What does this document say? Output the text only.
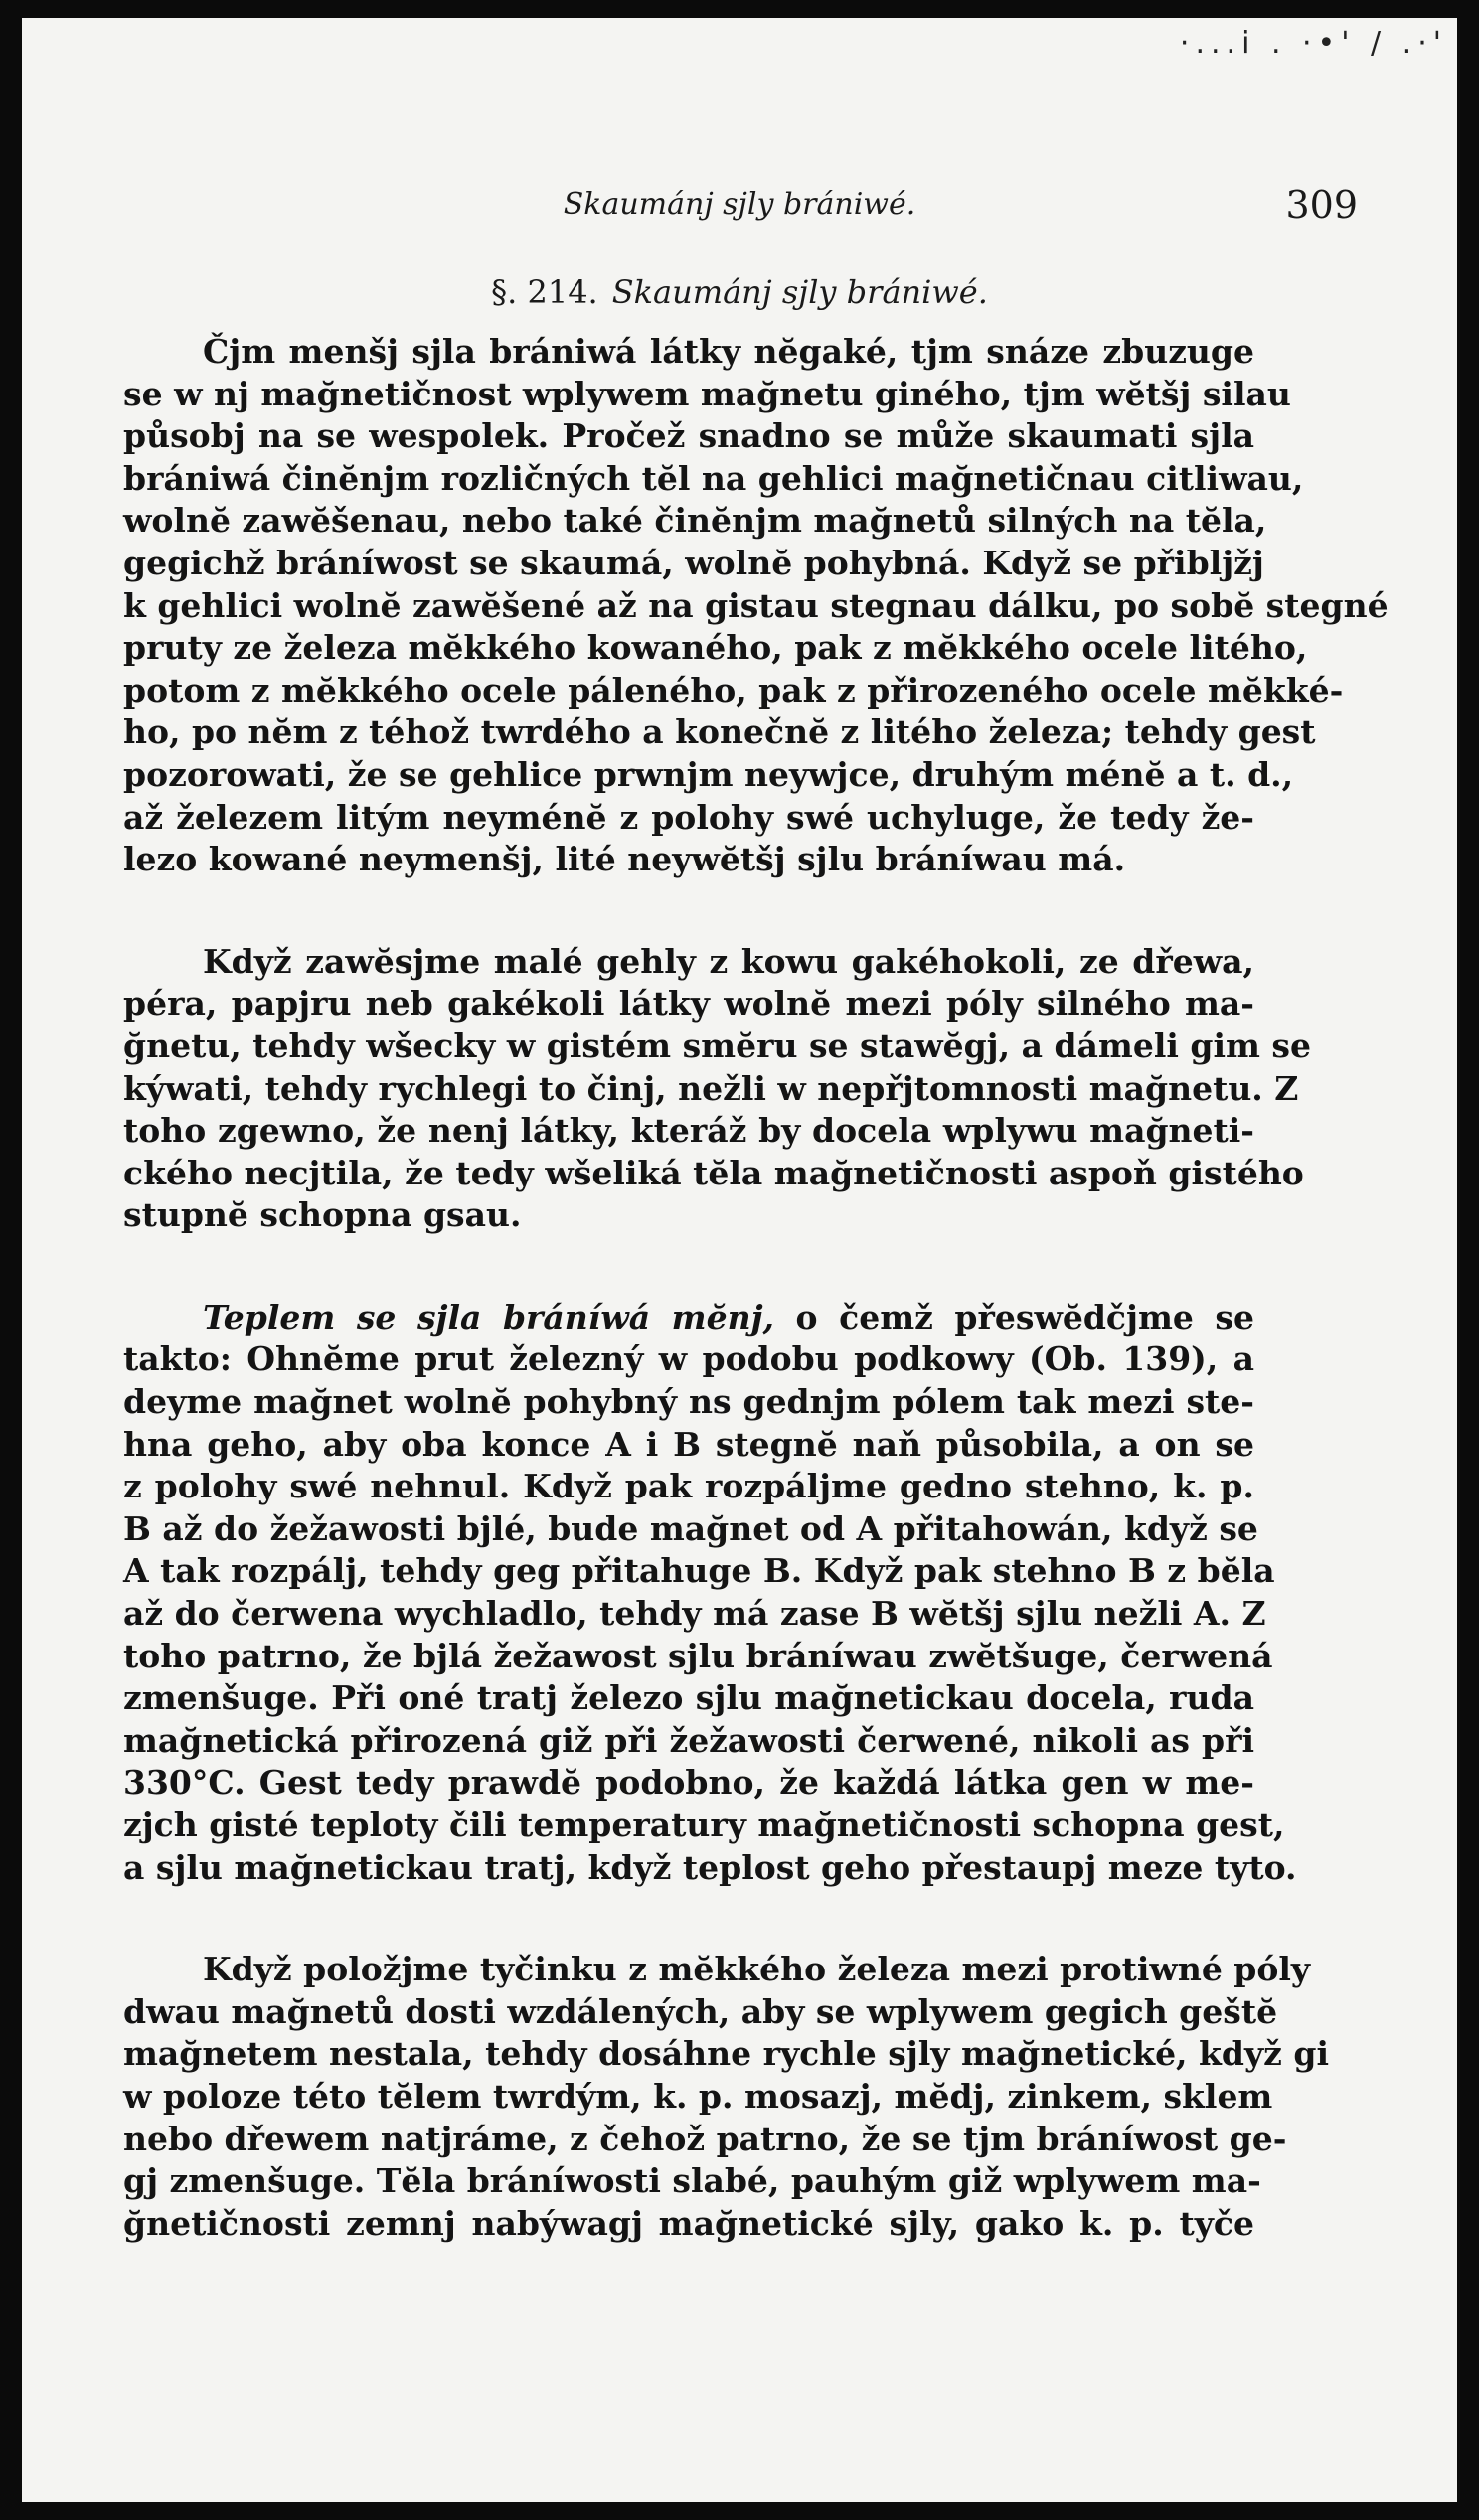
·...i . ·•' / .·'
Skaumánj sjly brániwé.	309
§. 214. Skaumánj sjly brániwé.
Čjm menšj sjla brániwá látky nĕgaké, tjm snáze zbuzuge
se w nj mağnetičnost wplywem mağnetu giného, tjm wĕtšj silau
působj na se wespolek. Pročež snadno se může skaumati sjla
brániwá činĕnjm rozličných tĕl na gehlici mağnetičnau citliwau,
wolnĕ zawĕšenau, nebo také činĕnjm mağnetů silných na tĕla,
gegichž bráníwost se skaumá, wolnĕ pohybná. Když se přibljžj
k gehlici wolnĕ zawĕšené až na gistau stegnau dálku, po sobĕ stegné
pruty ze železa mĕkkého kowaného, pak z mĕkkého ocele litého,
potom z mĕkkého ocele páleného, pak z přirozeného ocele mĕkké-
ho, po nĕm z téhož twrdého a konečnĕ z litého železa; tehdy gest
pozorowati, že se gehlice prwnjm neywjce, druhým ménĕ a t. d.,
až železem litým neyménĕ z polohy swé uchyluge, že tedy že-
lezo kowané neymenšj, lité neywĕtšj sjlu bráníwau má.
Když zawĕsjme malé gehly z kowu gakéhokoli, ze dřewa,
péra, papjru neb gakékoli látky wolnĕ mezi póly silného ma-
ğnetu, tehdy wšecky w gistém smĕru se stawĕgj, a dámeli gim se
kýwati, tehdy rychlegi to činj, nežli w nepřjtomnosti mağnetu. Z
toho zgewno, že nenj látky, kteráž by docela wplywu mağneti-
ckého necjtila, že tedy wšeliká tĕla mağnetičnosti aspoň gistého
stupnĕ schopna gsau.
Teplem se sjla bráníwá mĕnj, o čemž přeswĕdčjme se
takto: Ohnĕme prut železný w podobu podkowy (Ob. 139), a
deyme mağnet wolnĕ pohybný ns gednjm pólem tak mezi ste-
hna geho, aby oba konce A i B stegnĕ naň působila, a on se
z polohy swé nehnul. Když pak rozpáljme gedno stehno, k. p.
B až do žežawosti bjlé, bude mağnet od A přitahowán, když se
A tak rozpálj, tehdy geg přitahuge B. Když pak stehno B z bĕla
až do čerwena wychladlo, tehdy má zase B wĕtšj sjlu nežli A. Z
toho patrno, že bjlá žežawost sjlu bráníwau zwĕtšuge, čerwená
zmenšuge. Při oné tratj železo sjlu mağnetickau docela, ruda
mağnetická přirozená giž při žežawosti čerwené, nikoli as při
330°C. Gest tedy prawdĕ podobno, že každá látka gen w me-
zjch gisté teploty čili temperatury mağnetičnosti schopna gest,
a sjlu mağnetickau tratj, když teplost geho přestaupj meze tyto.
Když položjme tyčinku z mĕkkého železa mezi protiwné póly
dwau mağnetů dosti wzdálených, aby se wplywem gegich geštĕ
mağnetem nestala, tehdy dosáhne rychle sjly mağnetické, když gi
w poloze této tĕlem twrdým, k. p. mosazj, mĕdj, zinkem, sklem
nebo dřewem natjráme, z čehož patrno, že se tjm bráníwost ge-
gj zmenšuge. Tĕla bráníwosti slabé, pauhým giž wplywem ma-
ğnetičnosti zemnj nabýwagj mağnetické sjly, gako k. p. tyče
